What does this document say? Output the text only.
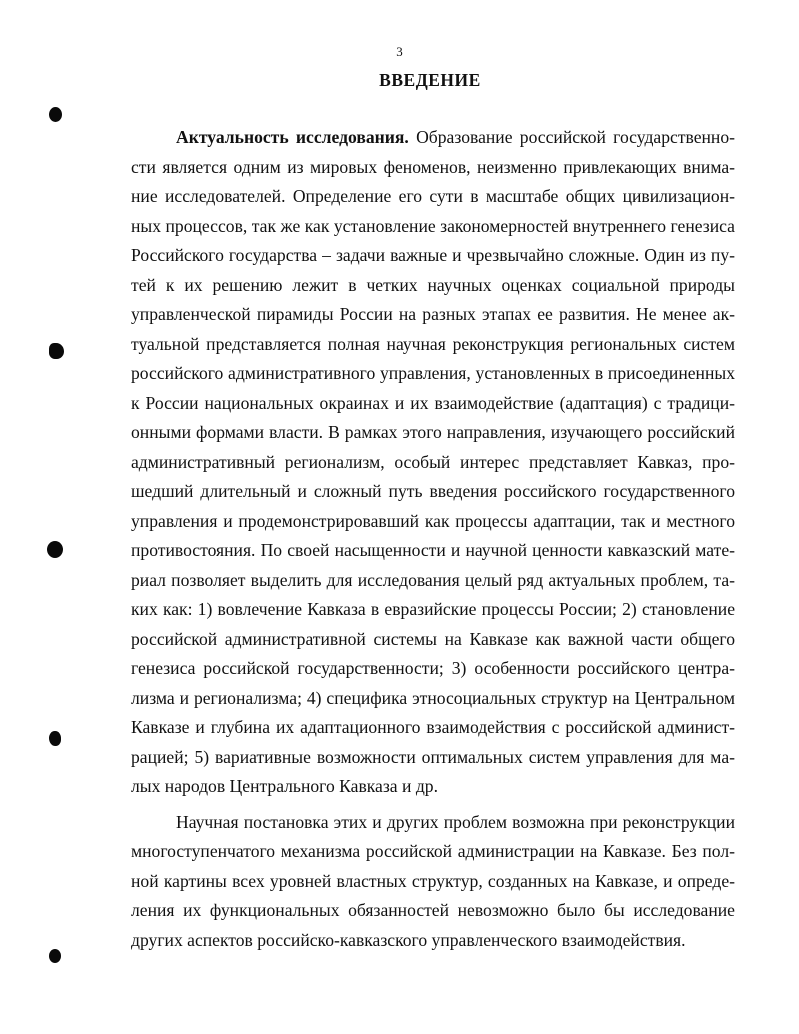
3
ВВЕДЕНИЕ
Актуальность исследования. Образование российской государственно-
сти является одним из мировых феноменов, неизменно привлекающих внима-
ние исследователей. Определение его сути в масштабе общих цивилизацион-
ных процессов, так же как установление закономерностей внутреннего генезиса
Российского государства – задачи важные и чрезвычайно сложные. Один из пу-
тей к их решению лежит в четких научных оценках социальной природы
управленческой пирамиды России на разных этапах ее развития. Не менее ак-
туальной представляется полная научная реконструкция региональных систем
российского административного управления, установленных в присоединенных
к России национальных окраинах и их взаимодействие (адаптация) с традици-
онными формами власти. В рамках этого направления, изучающего российский
административный регионализм, особый интерес представляет Кавказ, про-
шедший длительный и сложный путь введения российского государственного
управления и продемонстрировавший как процессы адаптации, так и местного
противостояния. По своей насыщенности и научной ценности кавказский мате-
риал позволяет выделить для исследования целый ряд актуальных проблем, та-
ких как: 1) вовлечение Кавказа в евразийские процессы России; 2) становление
российской административной системы на Кавказе как важной части общего
генезиса российской государственности; 3) особенности российского центра-
лизма и регионализма; 4) специфика этносоциальных структур на Центральном
Кавказе и глубина их адаптационного взаимодействия с российской админист-
рацией; 5) вариативные возможности оптимальных систем управления для ма-
лых народов Центрального Кавказа и др.
Научная постановка этих и других проблем возможна при реконструкции
многоступенчатого механизма российской администрации на Кавказе. Без пол-
ной картины всех уровней властных структур, созданных на Кавказе, и опреде-
ления их функциональных обязанностей невозможно было бы исследование
других аспектов российско-кавказского управленческого взаимодействия.
